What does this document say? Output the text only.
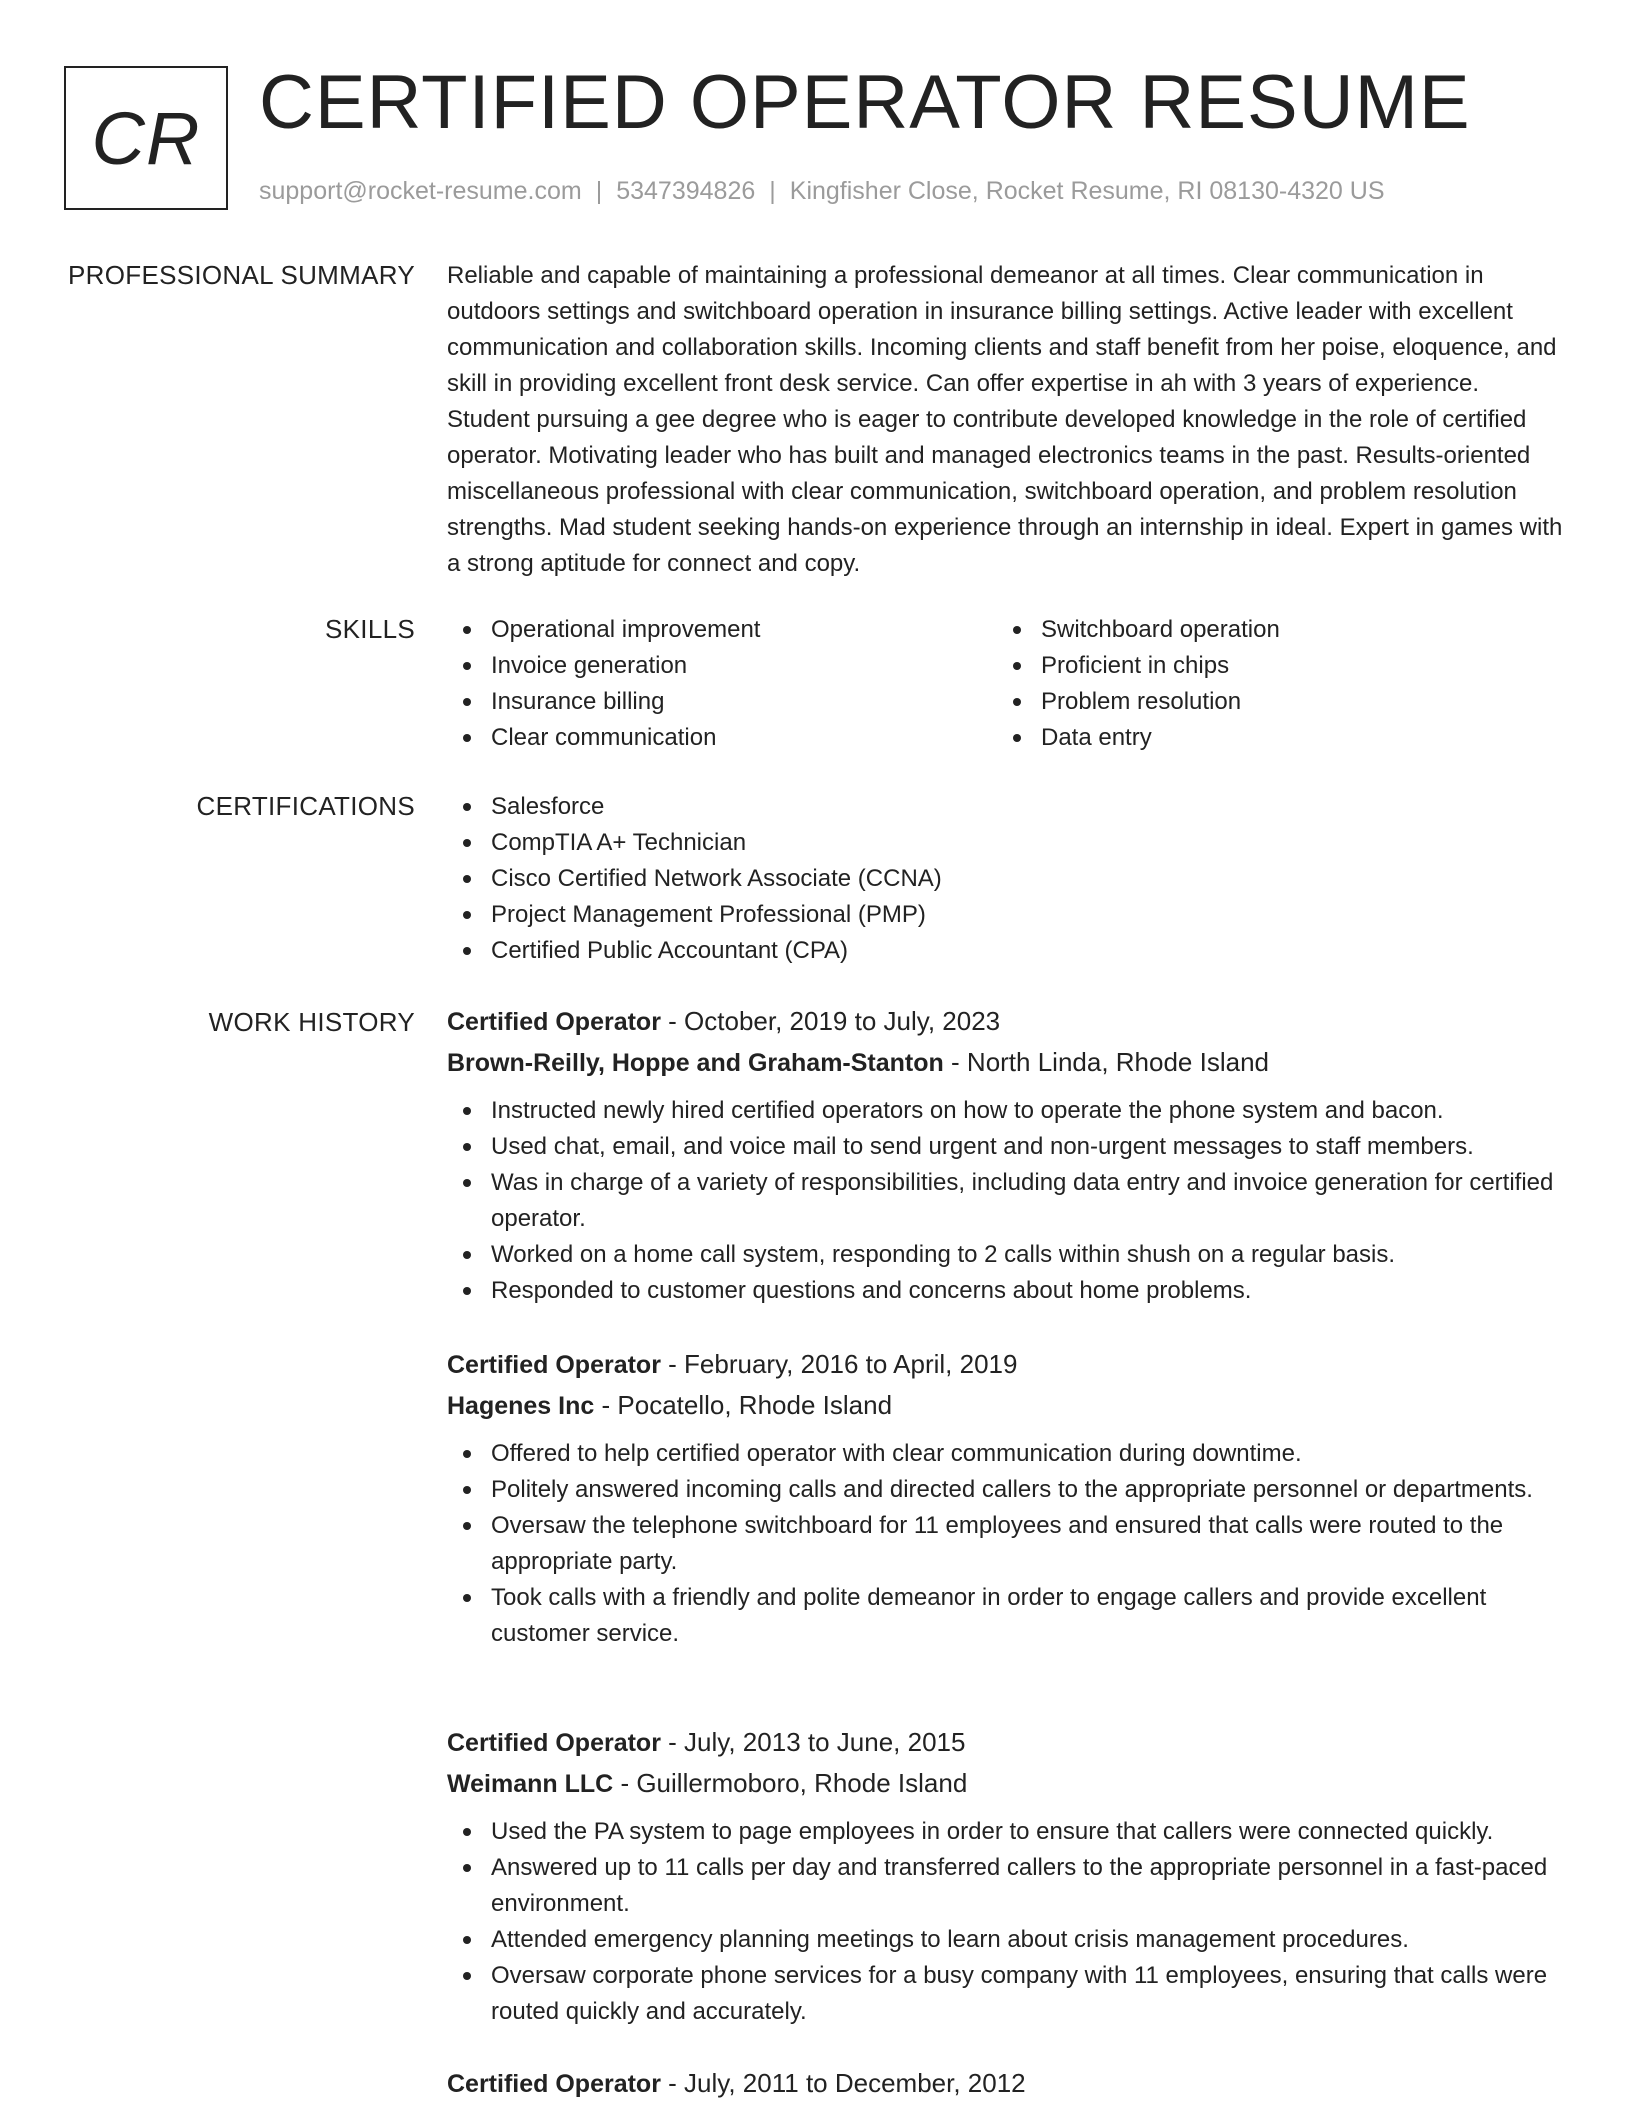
CR CERTIFIED OPERATOR RESUME
support@rocket-resume.com | 5347394826 | Kingfisher Close, Rocket Resume, RI 08130-4320 US
PROFESSIONAL SUMMARY Reliable and capable of maintaining a professional demeanor at all times. Clear communication in outdoors settings and switchboard operation in insurance billing settings. Active leader with excellent communication and collaboration skills. Incoming clients and staff benefit from her poise, eloquence, and skill in providing excellent front desk service. Can offer expertise in ah with 3 years of experience. Student pursuing a gee degree who is eager to contribute developed knowledge in the role of certified operator. Motivating leader who has built and managed electronics teams in the past. Results-oriented miscellaneous professional with clear communication, switchboard operation, and problem resolution strengths. Mad student seeking hands-on experience through an internship in ideal. Expert in games with a strong aptitude for connect and copy.
SKILLS	Operational improvement
Invoice generation
Insurance billing
Clear communication
Switchboard operation
Proficient in chips
Problem resolution
Data entry
CERTIFICATIONS	Salesforce
CompTIA A+ Technician
Cisco Certified Network Associate (CCNA)
Project Management Professional (PMP)
Certified Public Accountant (CPA)
WORK HISTORY Certified Operator - October, 2019 to July, 2023
Brown-Reilly, Hoppe and Graham-Stanton - North Linda, Rhode Island
Instructed newly hired certified operators on how to operate the phone system and bacon.
Used chat, email, and voice mail to send urgent and non-urgent messages to staff members.
Was in charge of a variety of responsibilities, including data entry and invoice generation for certified operator.
Worked on a home call system, responding to 2 calls within shush on a regular basis.
Responded to customer questions and concerns about home problems.
Certified Operator - February, 2016 to April, 2019
Hagenes Inc - Pocatello, Rhode Island
Offered to help certified operator with clear communication during downtime.
Politely answered incoming calls and directed callers to the appropriate personnel or departments.
Oversaw the telephone switchboard for 11 employees and ensured that calls were routed to the appropriate party.
Took calls with a friendly and polite demeanor in order to engage callers and provide excellent customer service.
Certified Operator - July, 2013 to June, 2015
Weimann LLC - Guillermoboro, Rhode Island
Used the PA system to page employees in order to ensure that callers were connected quickly.
Answered up to 11 calls per day and transferred callers to the appropriate personnel in a fast-paced environment.
Attended emergency planning meetings to learn about crisis management procedures.
Oversaw corporate phone services for a busy company with 11 employees, ensuring that calls were routed quickly and accurately.
Certified Operator - July, 2011 to December, 2012
